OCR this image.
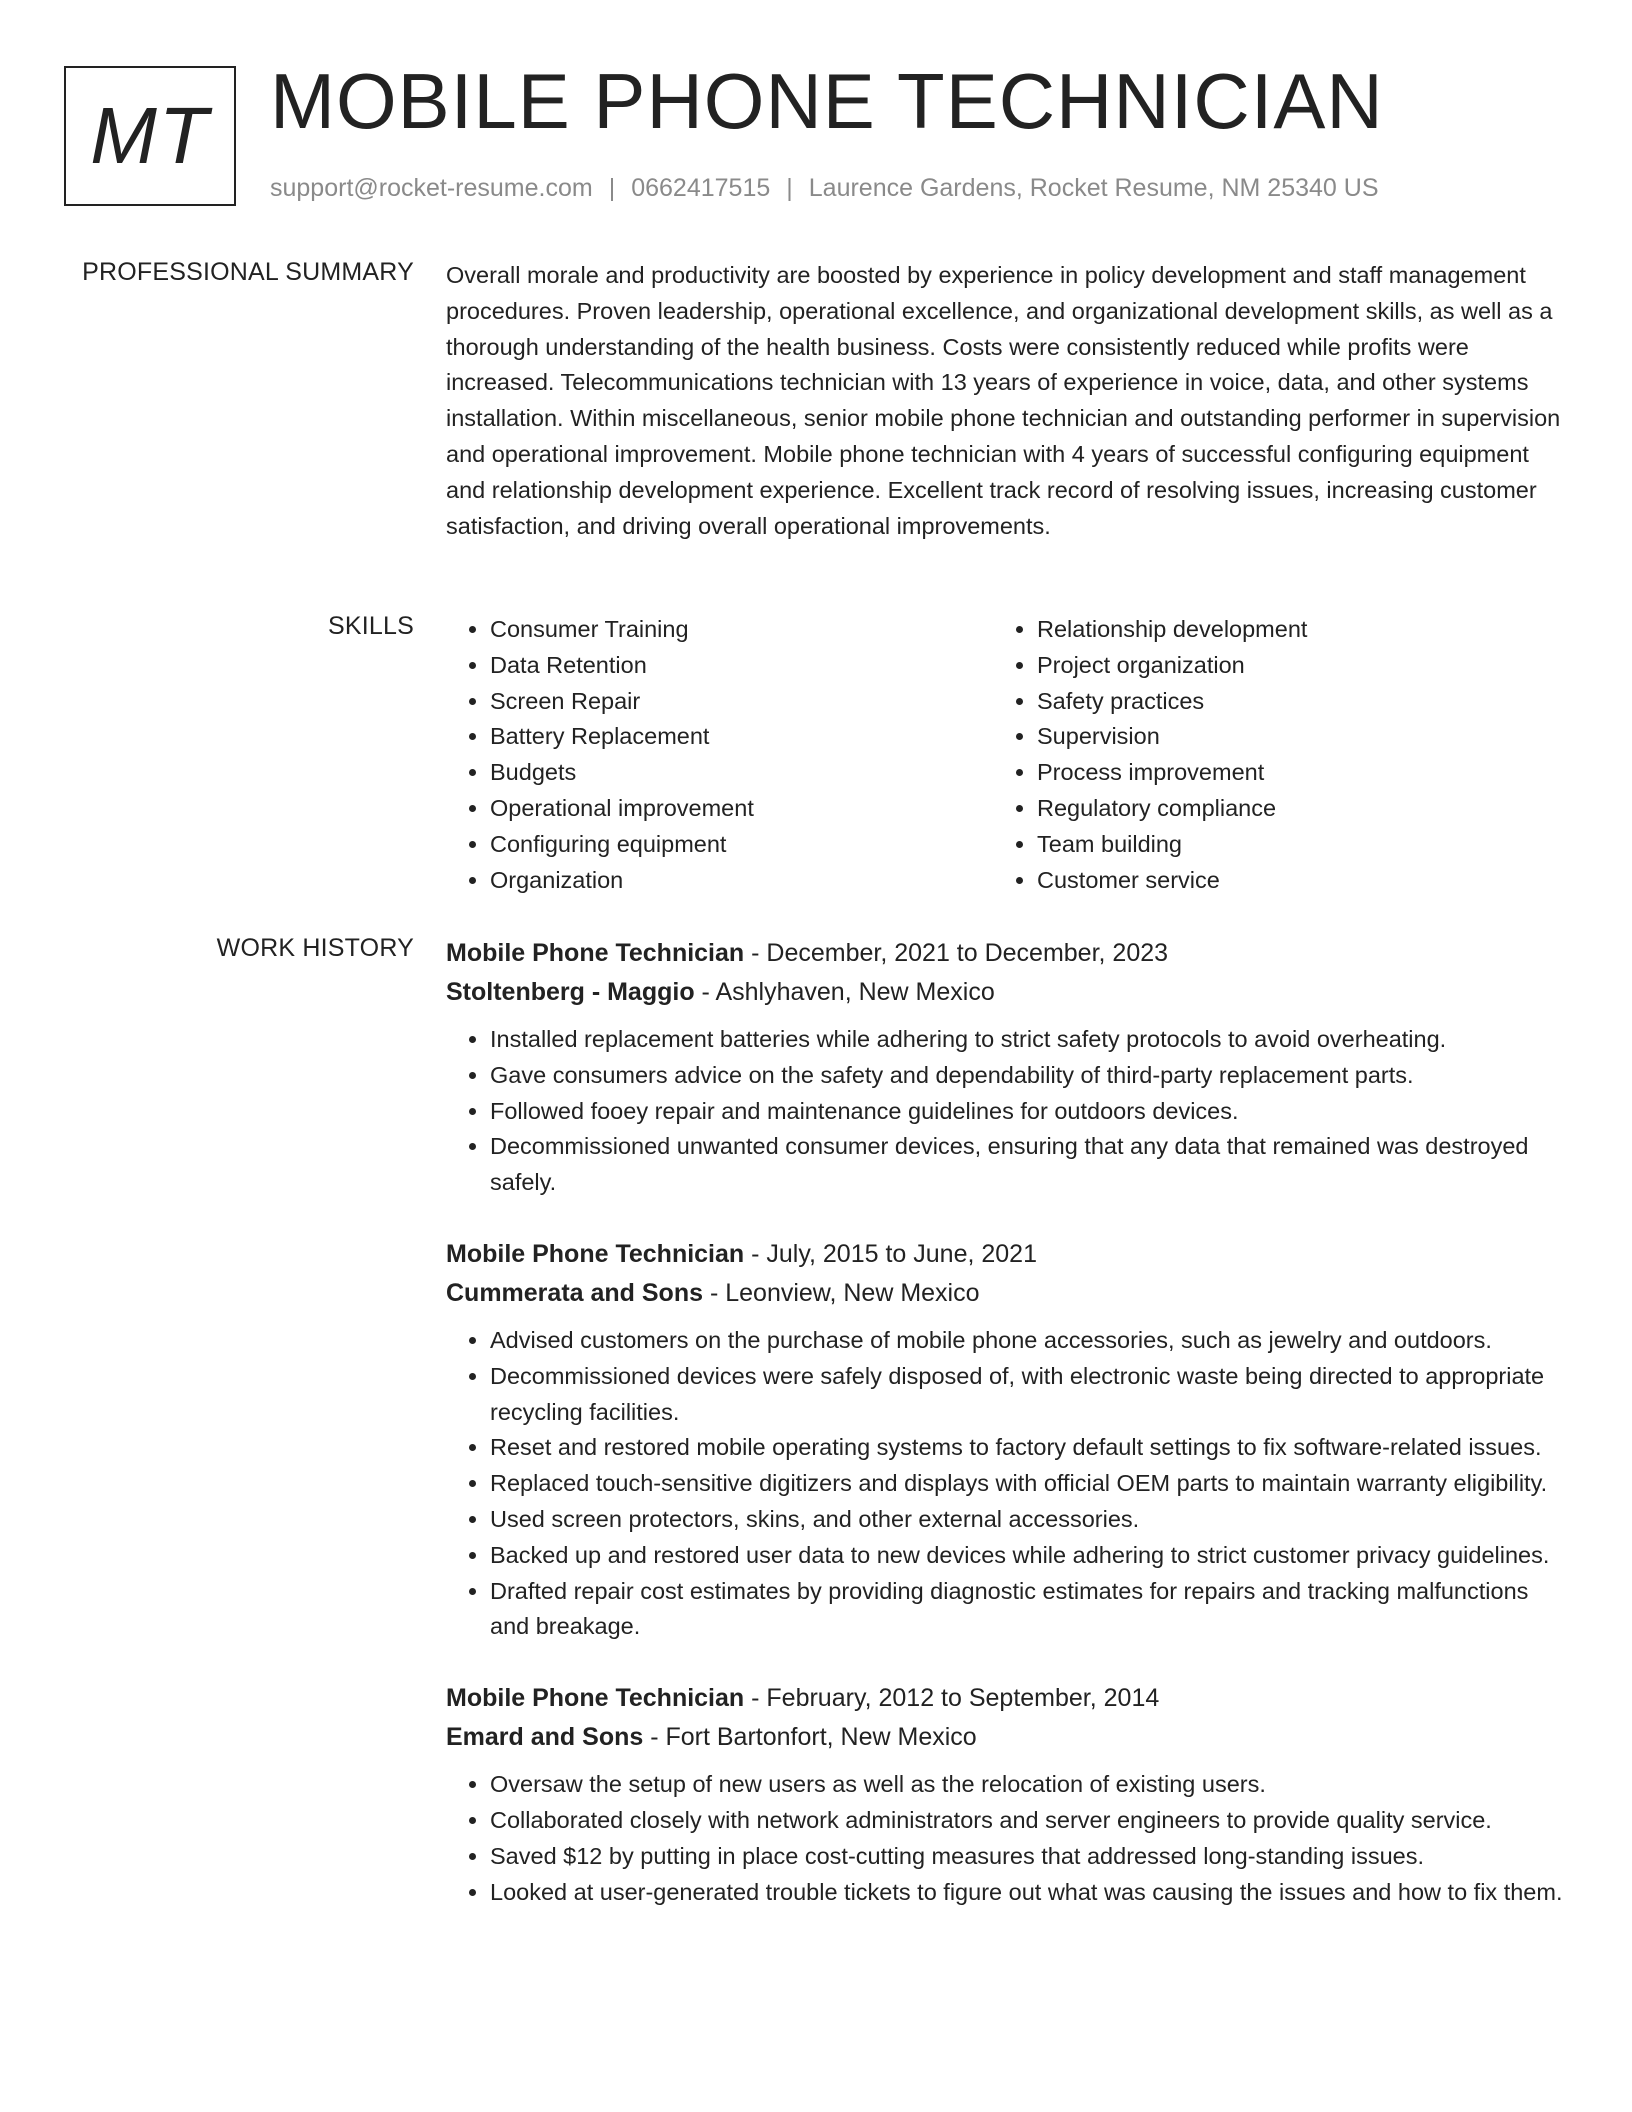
MT MOBILE PHONE TECHNICIAN
support@rocket-resume.com | 0662417515 | Laurence Gardens, Rocket Resume, NM 25340 US
PROFESSIONAL SUMMARY Overall morale and productivity are boosted by experience in policy development and staff management procedures. Proven leadership, operational excellence, and organizational development skills, as well as a thorough understanding of the health business. Costs were consistently reduced while profits were increased. Telecommunications technician with 13 years of experience in voice, data, and other systems installation. Within miscellaneous, senior mobile phone technician and outstanding performer in supervision and operational improvement. Mobile phone technician with 4 years of successful configuring equipment and relationship development experience. Excellent track record of resolving issues, increasing customer satisfaction, and driving overall operational improvements.

SKILLS
•	Consumer Training
• Data Retention
• Screen Repair
• Battery Replacement
• Budgets
• Operational improvement
• Configuring equipment
• Organization
• Relationship development
• Project organization
• Safety practices
• Supervision
• Process improvement
• Regulatory compliance
• Team building
• Customer service
WORK HISTORY Mobile Phone Technician - December, 2021 to December, 2023
Stoltenberg - Maggio - Ashlyhaven, New Mexico
• Installed replacement batteries while adhering to strict safety protocols to avoid overheating.
• Gave consumers advice on the safety and dependability of third-party replacement parts.
• Followed fooey repair and maintenance guidelines for outdoors devices.
• Decommissioned unwanted consumer devices, ensuring that any data that remained was destroyed safely.
Mobile Phone Technician - July, 2015 to June, 2021
Cummerata and Sons - Leonview, New Mexico
• Advised customers on the purchase of mobile phone accessories, such as jewelry and outdoors.
• Decommissioned devices were safely disposed of, with electronic waste being directed to appropriate recycling facilities.
• Reset and restored mobile operating systems to factory default settings to fix software-related issues.
• Replaced touch-sensitive digitizers and displays with official OEM parts to maintain warranty eligibility.
• Used screen protectors, skins, and other external accessories.
• Backed up and restored user data to new devices while adhering to strict customer privacy guidelines.
• Drafted repair cost estimates by providing diagnostic estimates for repairs and tracking malfunctions and breakage.
Mobile Phone Technician - February, 2012 to September, 2014
Emard and Sons - Fort Bartonfort, New Mexico
• Oversaw the setup of new users as well as the relocation of existing users.
• Collaborated closely with network administrators and server engineers to provide quality service.
• Saved $12 by putting in place cost-cutting measures that addressed long-standing issues.
• Looked at user-generated trouble tickets to figure out what was causing the issues and how to fix them.
